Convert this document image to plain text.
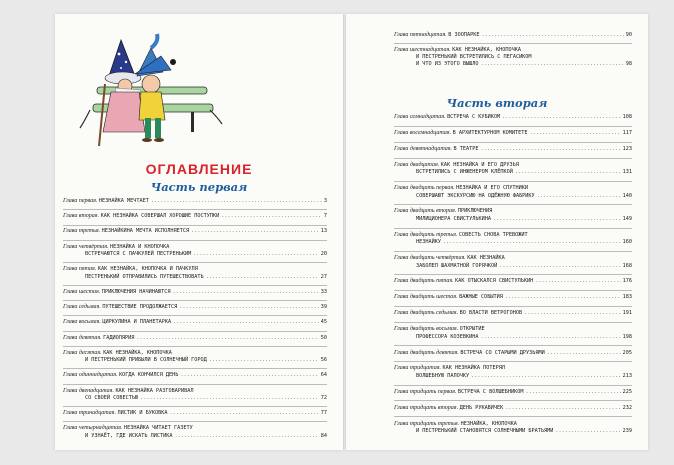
ОГЛАВЛЕНИЕ
Часть первая
Глава первая. НЕЗНАЙКА МЕЧТАЕТ .....	3
Глава вторая. КАК НЕЗНАЙКА СОВЕРШАЛ ХОРОШИЕ ПОСТУПКИ .....	7
Глава третья. НЕЗНАЙКИНА МЕЧТА ИСПОЛНЯЕТСЯ .....	13
Глава четвёртая. НЕЗНАЙКА И КНОПОЧКА
ВСТРЕЧАЮТСЯ С ПАЧКУЛЕЙ ПЕСТРЕНЬКИМ .....	20
Глава пятая. КАК НЕЗНАЙКА, КНОПОЧКА И ПАЧКУЛЯ
ПЕСТРЕНЬКИЙ ОТПРАВИЛИСЬ ПУТЕШЕСТВОВАТЬ .....	27
Глава шестая. ПРИКЛЮЧЕНИЯ НАЧИНАЮТСЯ .....	33
Глава седьмая. ПУТЕШЕСТВИЕ ПРОДОЛЖАЕТСЯ .....	39
Глава восьмая. ЦИРКУЛИНА И ПЛАНЕТАРКА .....	45
Глава девятая. ГАДИОЛЯРИЯ .....	50
Глава десятая. КАК НЕЗНАЙКА, КНОПОЧКА
И ПЕСТРЕНЬКИЙ ПРИБЫЛИ В СОЛНЕЧНЫЙ ГОРОД .....	56
Глава одиннадцатая. КОГДА КОНЧИЛСЯ ДЕНЬ .....	64
Глава двенадцатая. КАК НЕЗНАЙКА РАЗГОВАРИВАЛ
СО СВОЕЙ СОВЕСТЬЮ .....	72
Глава тринадцатая. ЛИСТИК И БУКОВКА .....	77
Глава четырнадцатая. НЕЗНАЙКА ЧИТАЕТ ГАЗЕТУ
И УЗНАЁТ, ГДЕ ИСКАТЬ ЛИСТИКА .....	84
Глава пятнадцатая. В ЗООПАРКЕ .....	90
Глава шестнадцатая. КАК НЕЗНАЙКА, КНОПОЧКА
И ПЕСТРЕНЬКИЙ ВСТРЕТИЛИСЬ С ПЕГАСИКОМ
И ЧТО ИЗ ЭТОГО ВЫШЛО .....	98
Часть вторая
Глава семнадцатая. ВСТРЕЧА С КУБИКОМ .....	108
Глава восемнадцатая. В АРХИТЕКТУРНОМ КОМИТЕТЕ .....	117
Глава девятнадцатая. В ТЕАТРЕ .....	123
Глава двадцатая. КАК НЕЗНАЙКА И ЕГО ДРУЗЬЯ
ВСТРЕТИЛИСЬ С ИНЖЕНЕРОМ КЛЁПКОЙ .....	131
Глава двадцать первая. НЕЗНАЙКА И ЕГО СПУТНИКИ
СОВЕРШАЮТ ЭКСКУРСИЮ НА ОДЁЖНУЮ ФАБРИКУ .....	140
Глава двадцать вторая. ПРИКЛЮЧЕНИЯ
МИЛИЦИОНЕРА СВИСТУЛЬКИНА .....	149
Глава двадцать третья. СОВЕСТЬ СНОВА ТРЕВОЖИТ
НЕЗНАЙКУ .....	160
Глава двадцать четвёртая. КАК НЕЗНАЙКА
ЗАБОЛЕЛ ШАХМАТНОЙ ГОРЯЧКОЙ .....	168
Глава двадцать пятая. КАК ОТЫСКАЛСЯ СВИСТУЛЬКИН .....	176
Глава двадцать шестая. ВАЖНЫЕ СОБЫТИЯ .....	183
Глава двадцать седьмая. ВО ВЛАСТИ ВЕТРОГОНОВ .....	191
Глава двадцать восьмая. ОТКРЫТИЕ
ПРОФЕССОРА КОЗЕВКИНА .....	198
Глава двадцать девятая. ВСТРЕЧА СО СТАРЫМИ ДРУЗЬЯМИ .....	205
Глава тридцатая. КАК НЕЗНАЙКА ПОТЕРЯЛ
ВОЛШЕБНУЮ ПАЛОЧКУ .....	213
Глава тридцать первая. ВСТРЕЧА С ВОЛШЕБНИКОМ .....	225
Глава тридцать вторая. ДЕНЬ РУКАВИЧЕК .....	232
Глава тридцать третья. НЕЗНАЙКА, КНОПОЧКА
И ПЕСТРЕНЬКИЙ СТАНОВЯТСЯ СОЛНЕЧНЫМИ БРАТЬЯМИ .....	239
